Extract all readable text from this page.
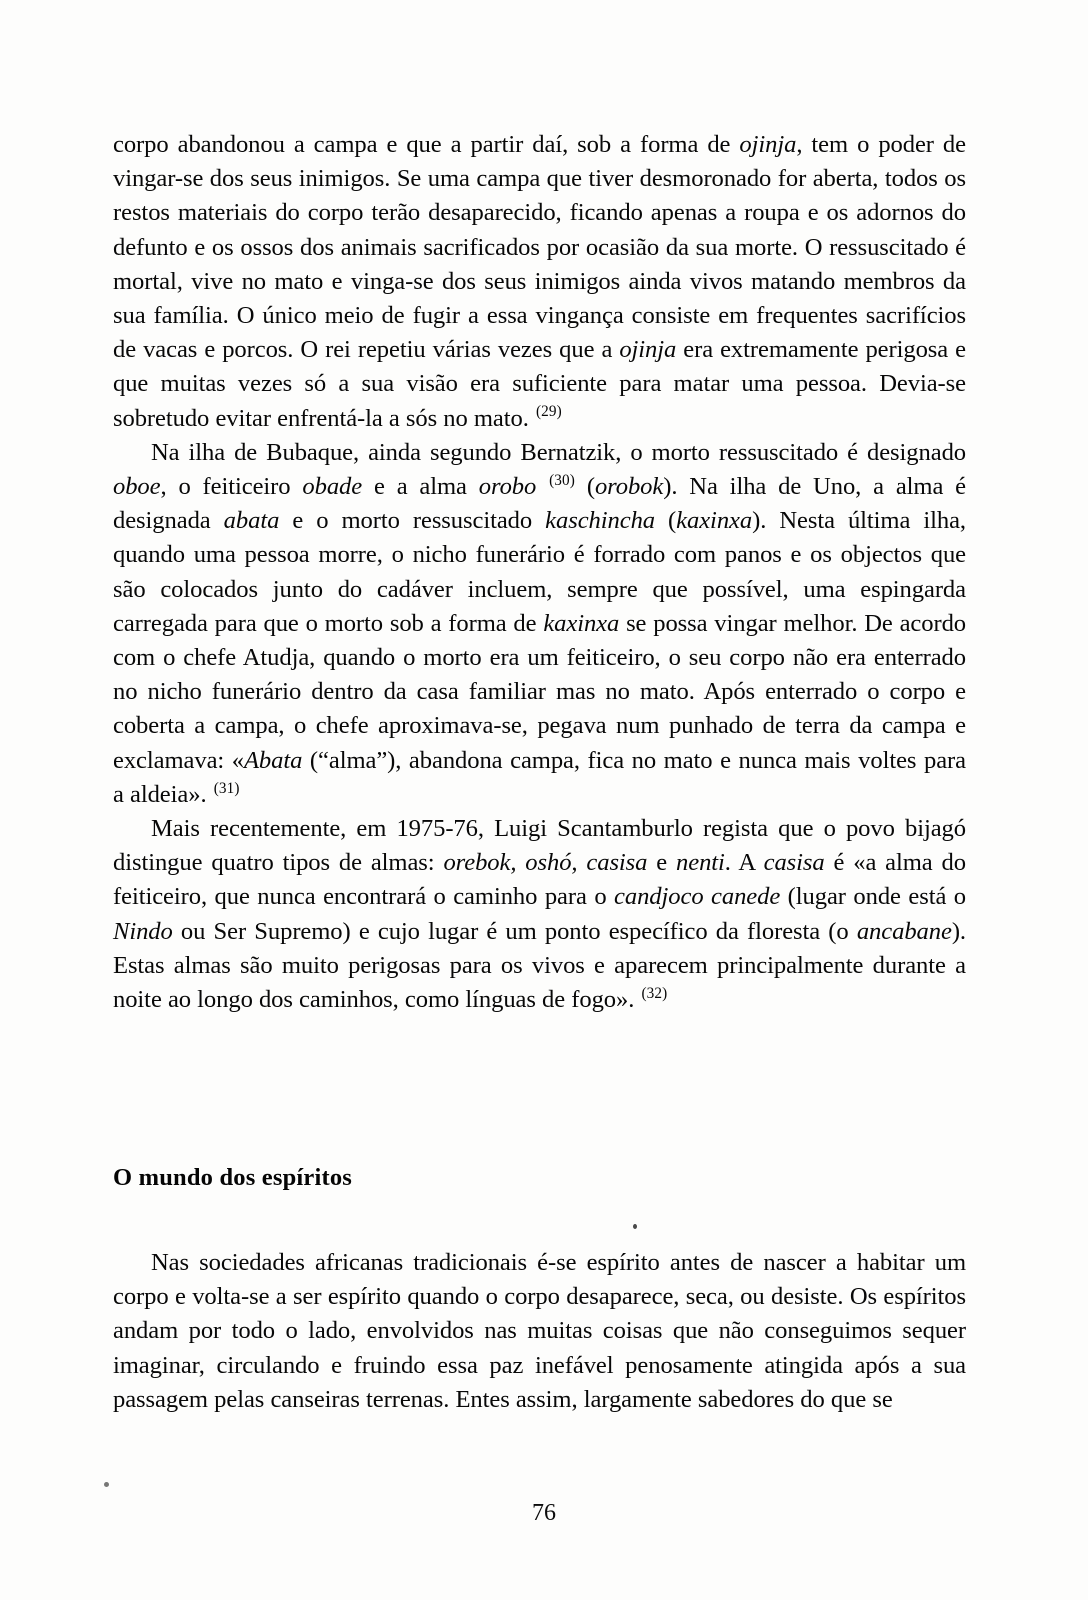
corpo abandonou a campa e que a partir daí, sob a forma de ojinja, tem o poder de vingar-se dos seus inimigos. Se uma campa que tiver desmoronado for aberta, todos os restos materiais do corpo terão desaparecido, ficando apenas a roupa e os adornos do defunto e os ossos dos animais sacrificados por ocasião da sua morte. O ressuscitado é mortal, vive no mato e vinga-se dos seus inimigos ainda vivos matando membros da sua família. O único meio de fugir a essa vingança consiste em frequentes sacrifícios de vacas e porcos. O rei repetiu várias vezes que a ojinja era extremamente perigosa e que muitas vezes só a sua visão era suficiente para matar uma pessoa. Devia-se sobretudo evitar enfrentá-la a sós no mato. $^{(29)}$

Na ilha de Bubaque, ainda segundo Bernatzik, o morto ressuscitado é designado oboe, o feiticeiro obade e a alma orobo $^{(30)}$ (orobok). Na ilha de Uno, a alma é designada abata e o morto ressuscitado kaschincha (kaxinxa). Nesta última ilha, quando uma pessoa morre, o nicho funerário é forrado com panos e os objectos que são colocados junto do cadáver incluem, sempre que possível, uma espingarda carregada para que o morto sob a forma de kaxinxa se possa vingar melhor. De acordo com o chefe Atudja, quando o morto era um feiticeiro, o seu corpo não era enterrado no nicho funerário dentro da casa familiar mas no mato. Após enterrado o corpo e coberta a campa, o chefe aproximava-se, pegava num punhado de terra da campa e exclamava: «Abata (“alma”), abandona campa, fica no mato e nunca mais voltes para a aldeia». $^{(31)}$

Mais recentemente, em 1975-76, Luigi Scantamburlo regista que o povo bijagó distingue quatro tipos de almas: orebok, oshó, casisa e nenti. A casisa é «a alma do feiticeiro, que nunca encontrará o caminho para o candjoco canede (lugar onde está o Nindo ou Ser Supremo) e cujo lugar é um ponto específico da floresta (o ancabane). Estas almas são muito perigosas para os vivos e aparecem principalmente durante a noite ao longo dos caminhos, como línguas de fogo». $^{(32)}$

O mundo dos espíritos

Nas sociedades africanas tradicionais é-se espírito antes de nascer a habitar um corpo e volta-se a ser espírito quando o corpo desaparece, seca, ou desiste. Os espíritos andam por todo o lado, envolvidos nas muitas coisas que não conseguimos sequer imaginar, circulando e fruindo essa paz inefável penosamente atingida após a sua passagem pelas canseiras terrenas. Entes assim, largamente sabedores do que se

76
